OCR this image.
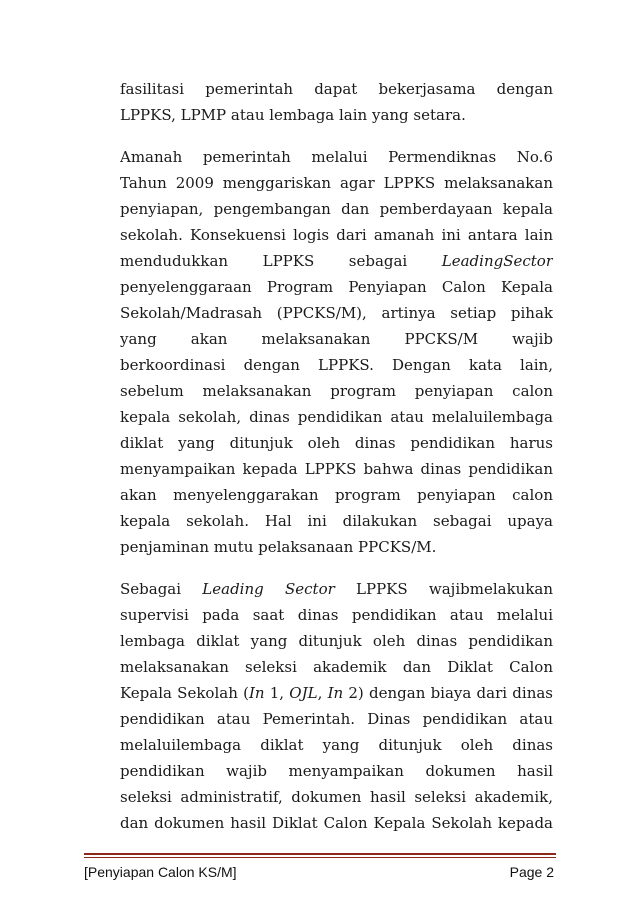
fasilitasi pemerintah dapat bekerjasama dengan
LPPKS, LPMP atau lembaga lain yang setara.
Amanah pemerintah melalui Permendiknas No.6
Tahun 2009 menggariskan agar LPPKS melaksanakan
penyiapan, pengembangan dan pemberdayaan kepala
sekolah. Konsekuensi logis dari amanah ini antara lain
mendudukkan LPPKS sebagai LeadingSector
penyelenggaraan Program Penyiapan Calon Kepala
Sekolah/Madrasah (PPCKS/M), artinya setiap pihak
yang akan melaksanakan PPCKS/M wajib
berkoordinasi dengan LPPKS. Dengan kata lain,
sebelum melaksanakan program penyiapan calon
kepala sekolah, dinas pendidikan atau melaluilembaga
diklat yang ditunjuk oleh dinas pendidikan harus
menyampaikan kepada LPPKS bahwa dinas pendidikan
akan menyelenggarakan program penyiapan calon
kepala sekolah. Hal ini dilakukan sebagai upaya
penjaminan mutu pelaksanaan PPCKS/M.
Sebagai Leading Sector LPPKS wajibmelakukan
supervisi pada saat dinas pendidikan atau melalui
lembaga diklat yang ditunjuk oleh dinas pendidikan
melaksanakan seleksi akademik dan Diklat Calon
Kepala Sekolah (In 1, OJL, In 2) dengan biaya dari dinas
pendidikan atau Pemerintah. Dinas pendidikan atau
melaluilembaga diklat yang ditunjuk oleh dinas
pendidikan wajib menyampaikan dokumen hasil
seleksi administratif, dokumen hasil seleksi akademik,
dan dokumen hasil Diklat Calon Kepala Sekolah kepada
[Penyiapan Calon KS/M]	Page 2
